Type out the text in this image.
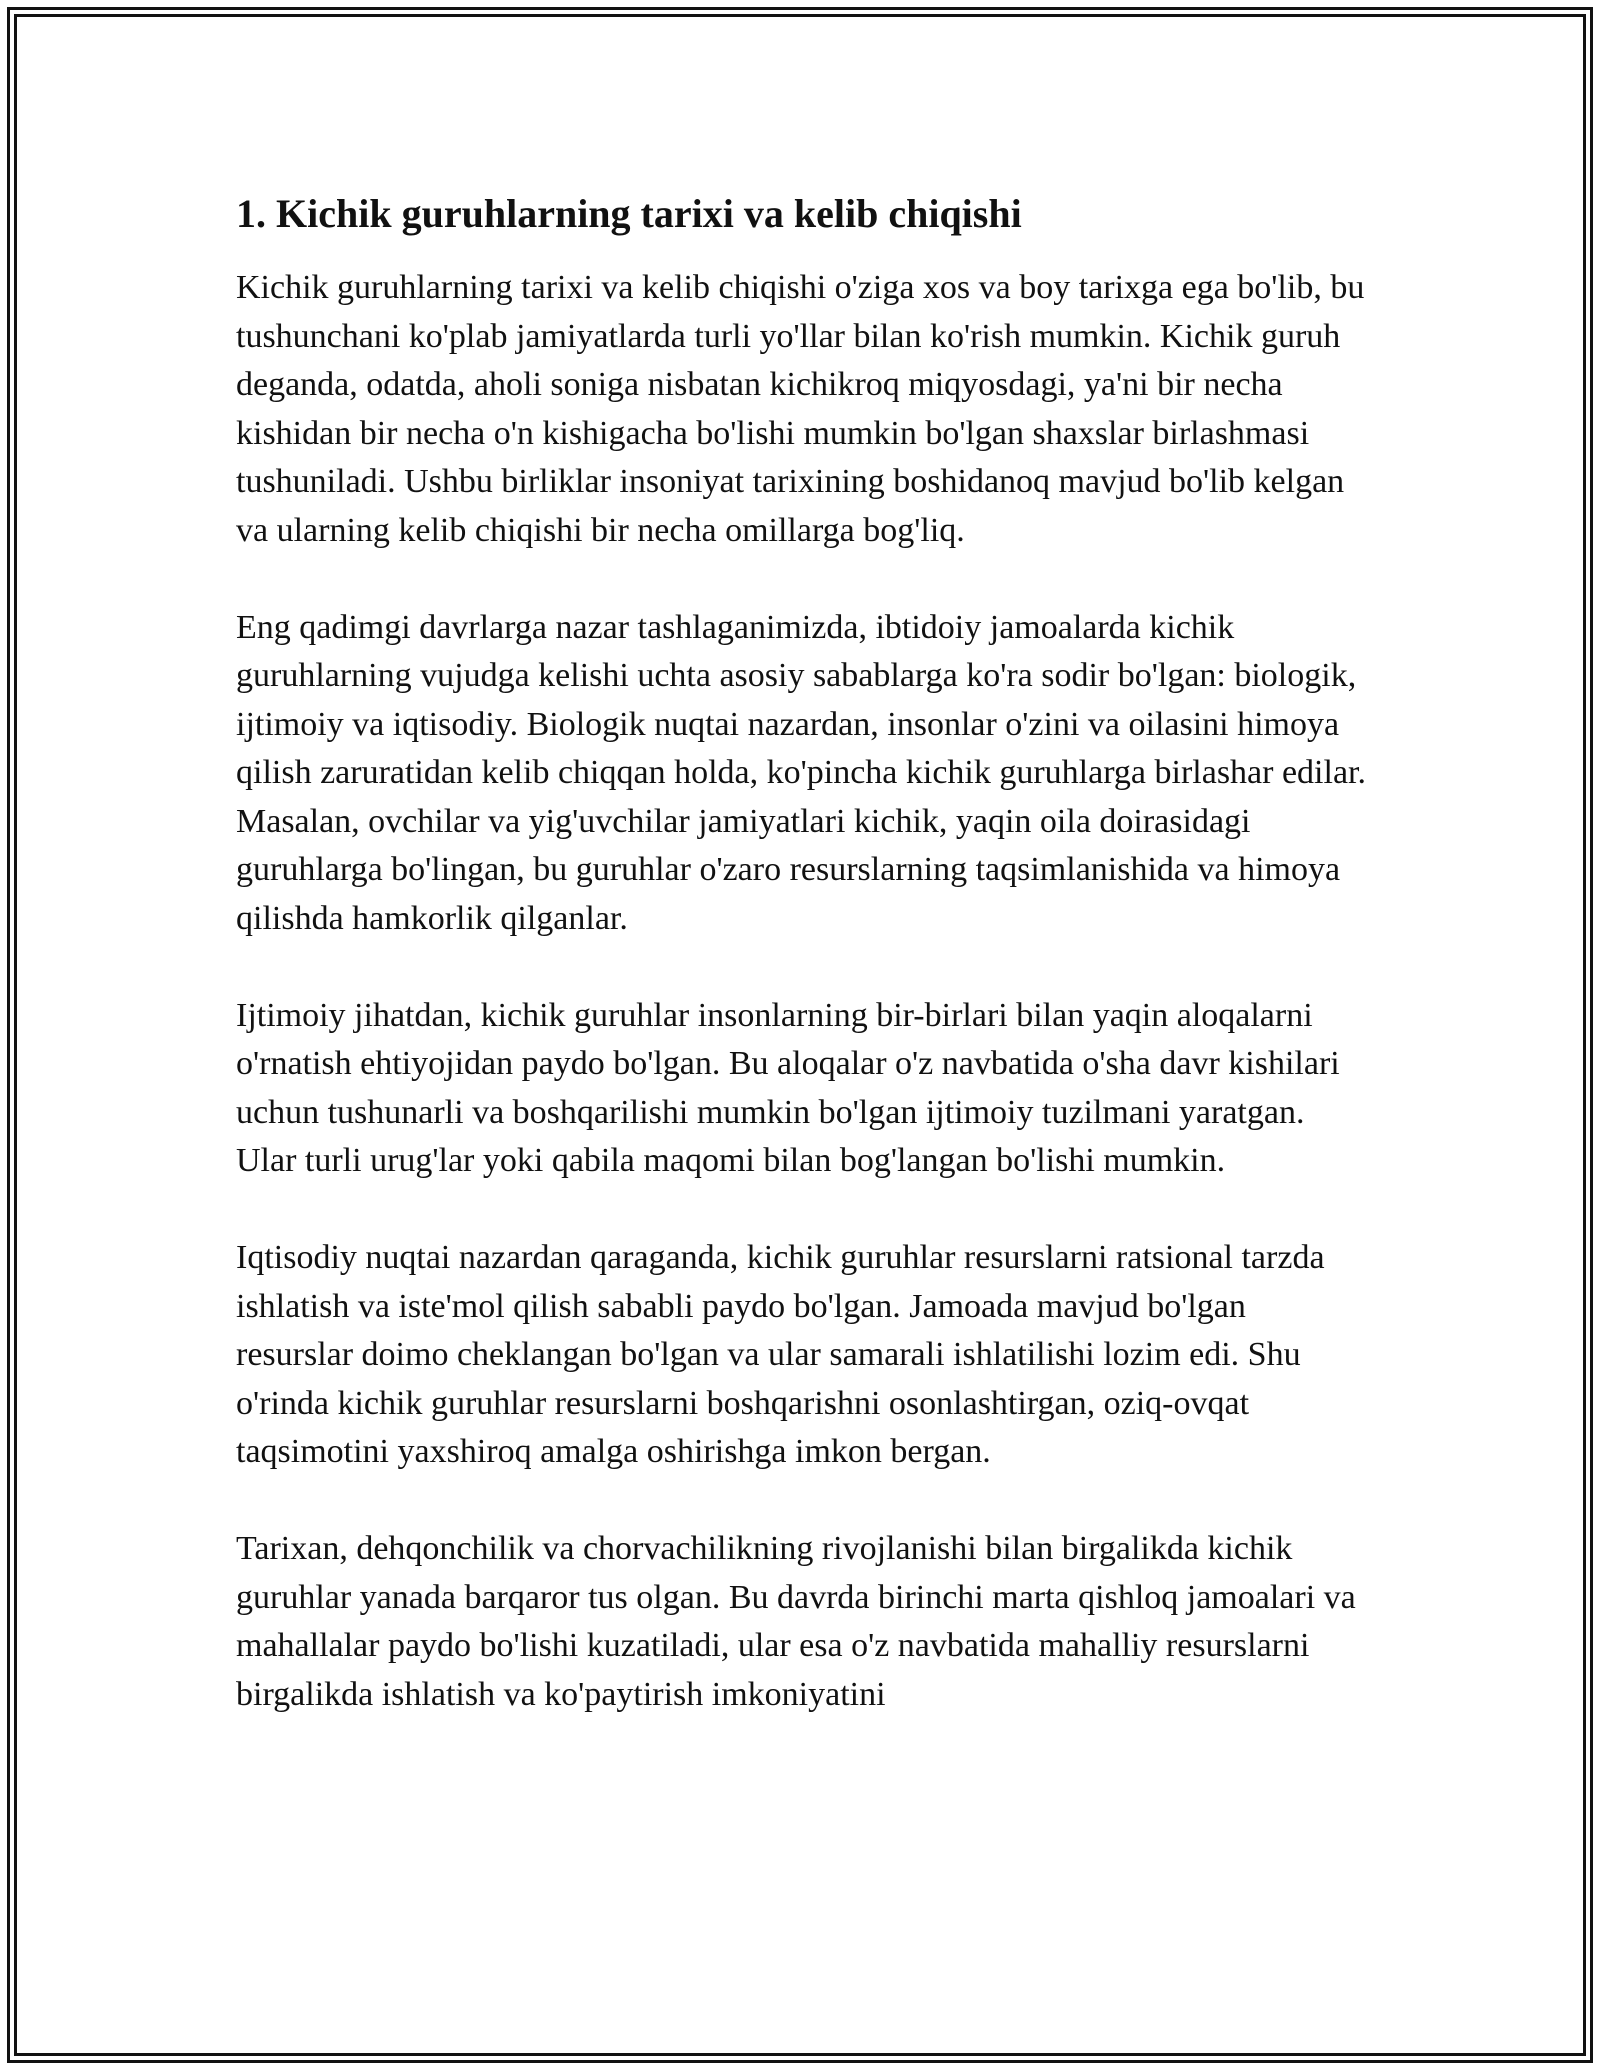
1. Kichik guruhlarning tarixi va kelib chiqishi

Kichik guruhlarning tarixi va kelib chiqishi o'ziga xos va boy tarixga ega bo'lib, bu tushunchani ko'plab jamiyatlarda turli yo'llar bilan ko'rish mumkin. Kichik guruh deganda, odatda, aholi soniga nisbatan kichikroq miqyosdagi, ya'ni bir necha kishidan bir necha o'n kishigacha bo'lishi mumkin bo'lgan shaxslar birlashmasi tushuniladi. Ushbu birliklar insoniyat tarixining boshidanoq mavjud bo'lib kelgan va ularning kelib chiqishi bir necha omillarga bog'liq.

Eng qadimgi davrlarga nazar tashlaganimizda, ibtidoiy jamoalarda kichik guruhlarning vujudga kelishi uchta asosiy sabablarga ko'ra sodir bo'lgan: biologik, ijtimoiy va iqtisodiy. Biologik nuqtai nazardan, insonlar o'zini va oilasini himoya qilish zaruratidan kelib chiqqan holda, ko'pincha kichik guruhlarga birlashar edilar. Masalan, ovchilar va yig'uvchilar jamiyatlari kichik, yaqin oila doirasidagi guruhlarga bo'lingan, bu guruhlar o'zaro resurslarning taqsimlanishida va himoya qilishda hamkorlik qilganlar.

Ijtimoiy jihatdan, kichik guruhlar insonlarning bir-birlari bilan yaqin aloqalarni o'rnatish ehtiyojidan paydo bo'lgan. Bu aloqalar o'z navbatida o'sha davr kishilari uchun tushunarli va boshqarilishi mumkin bo'lgan ijtimoiy tuzilmani yaratgan. Ular turli urug'lar yoki qabila maqomi bilan bog'langan bo'lishi mumkin.

Iqtisodiy nuqtai nazardan qaraganda, kichik guruhlar resurslarni ratsional tarzda ishlatish va iste'mol qilish sababli paydo bo'lgan. Jamoada mavjud bo'lgan resurslar doimo cheklangan bo'lgan va ular samarali ishlatilishi lozim edi. Shu o'rinda kichik guruhlar resurslarni boshqarishni osonlashtirgan, oziq-ovqat taqsimotini yaxshiroq amalga oshirishga imkon bergan.

Tarixan, dehqonchilik va chorvachilikning rivojlanishi bilan birgalikda kichik guruhlar yanada barqaror tus olgan. Bu davrda birinchi marta qishloq jamoalari va mahallalar paydo bo'lishi kuzatiladi, ular esa o'z navbatida mahalliy resurslarni birgalikda ishlatish va ko'paytirish imkoniyatini
